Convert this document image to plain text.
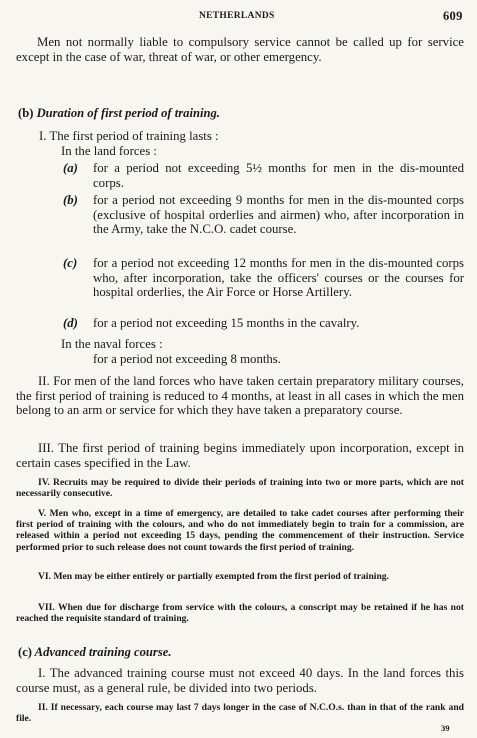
NETHERLANDS	609
Men not normally liable to compulsory service cannot be called up for service except in the case of war, threat of war, or other emergency.
(b) Duration of first period of training.
I. The first period of training lasts :
In the land forces :
(a) for a period not exceeding 5½ months for men in the dis-mounted corps.
(b) for a period not exceeding 9 months for men in the dis-mounted corps (exclusive of hospital orderlies and airmen) who, after incorporation in the Army, take the N.C.O. cadet course.
(c) for a period not exceeding 12 months for men in the dis-mounted corps who, after incorporation, take the officers' courses or the courses for hospital orderlies, the Air Force or Horse Artillery.
(d) for a period not exceeding 15 months in the cavalry.
In the naval forces :
for a period not exceeding 8 months.
II. For men of the land forces who have taken certain preparatory military courses, the first period of training is reduced to 4 months, at least in all cases in which the men belong to an arm or service for which they have taken a preparatory course.
III. The first period of training begins immediately upon incorporation, except in certain cases specified in the Law.
IV. Recruits may be required to divide their periods of training into two or more parts, which are not necessarily consecutive.
V. Men who, except in a time of emergency, are detailed to take cadet courses after performing their first period of training with the colours, and who do not immediately begin to train for a commission, are released within a period not exceeding 15 days, pending the commencement of their instruction. Service performed prior to such release does not count towards the first period of training.
VI. Men may be either entirely or partially exempted from the first period of training.
VII. When due for discharge from service with the colours, a conscript may be retained if he has not reached the requisite standard of training.
(c) Advanced training course.
I. The advanced training course must not exceed 40 days. In the land forces this course must, as a general rule, be divided into two periods.
II. If necessary, each course may last 7 days longer in the case of N.C.O.s. than in that of the rank and file.
39
